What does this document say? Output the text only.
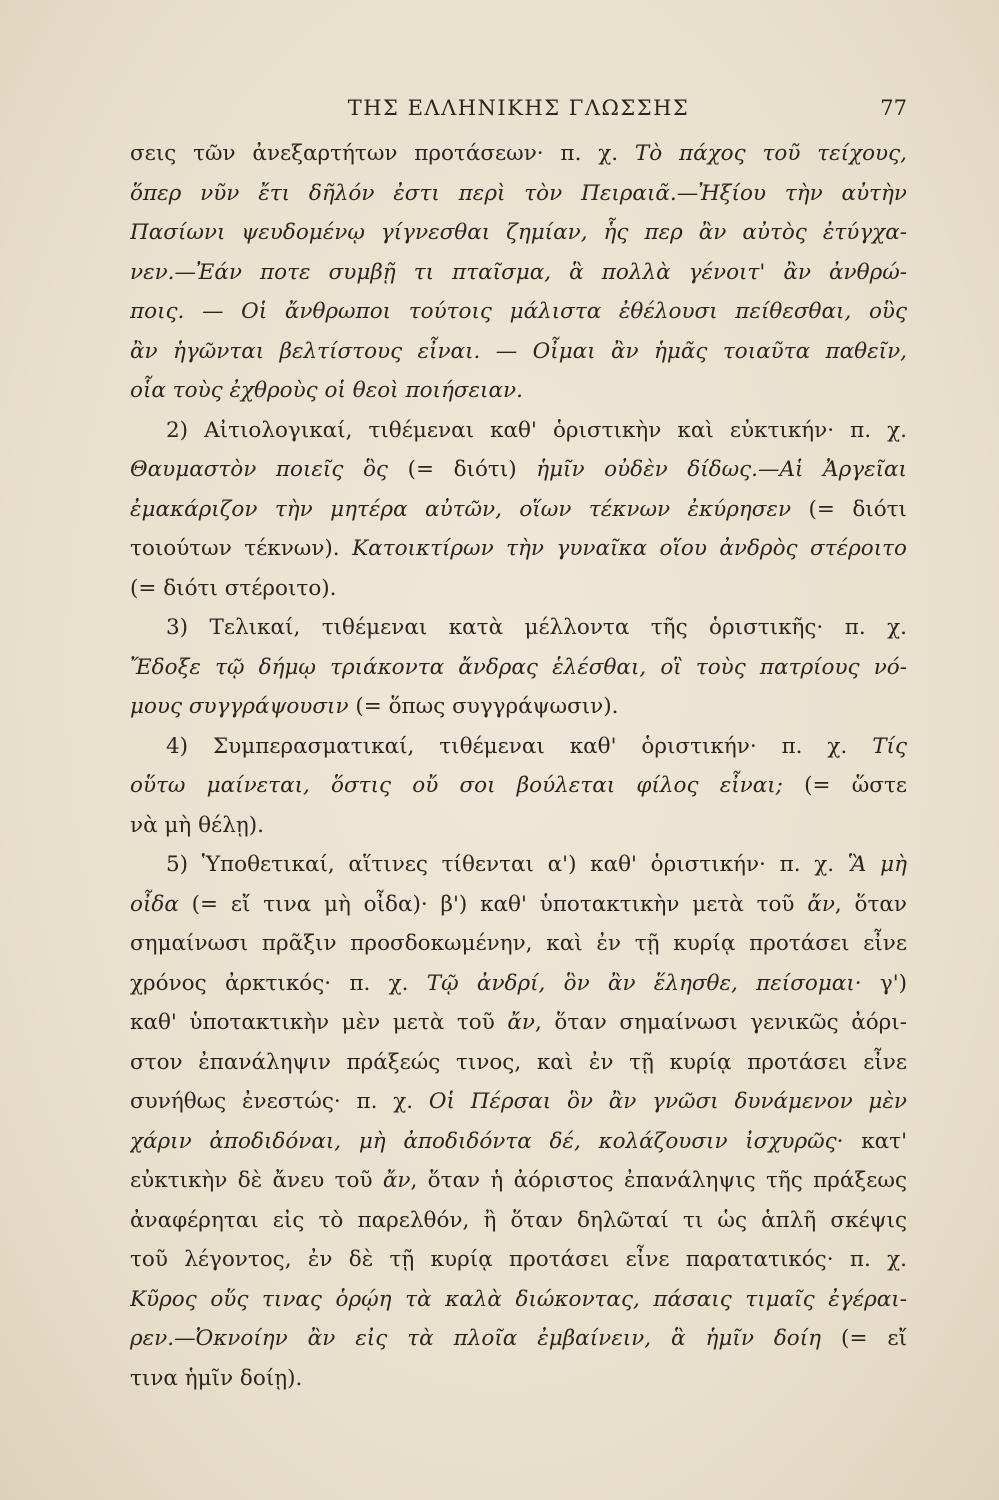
ΤΗΣ ΕΛΛΗΝΙΚΗΣ ΓΛΩΣΣΗΣ	77
σεις τῶν ἀνεξαρτήτων προτάσεων· π. χ. Τὸ πάχος τοῦ τείχους,
ὅπερ νῦν ἔτι δῆλόν ἐστι περὶ τὸν Πειραιᾶ.—Ἠξίου τὴν αὐτὴν
Πασίωνι ψευδομένῳ γίγνεσθαι ζημίαν, ἧς περ ἂν αὐτὸς ἐτύγχα-
νεν.—Ἐάν ποτε συμβῇ τι πταῖσμα, ἃ πολλὰ γένοιτ' ἂν ἀνθρώ-
ποις. — Οἱ ἄνθρωποι τούτοις μάλιστα ἐθέλουσι πείθεσθαι, οὓς
ἂν ἡγῶνται βελτίστους εἶναι. — Οἶμαι ἂν ἡμᾶς τοιαῦτα παθεῖν,
οἷα τοὺς ἐχθροὺς οἱ θεοὶ ποιήσειαν.
2) Αἰτιολογικαί, τιθέμεναι καθ' ὁριστικὴν καὶ εὐκτικήν· π. χ.
Θαυμαστὸν ποιεῖς ὃς (= διότι) ἡμῖν οὐδὲν δίδως.—Αἱ Ἀργεῖαι
ἐμακάριζον τὴν μητέρα αὐτῶν, οἵων τέκνων ἐκύρησεν (= διότι
τοιούτων τέκνων). Κατοικτίρων τὴν γυναῖκα οἵου ἀνδρὸς στέροιτο
(= διότι στέροιτο).
3) Τελικαί, τιθέμεναι κατὰ μέλλοντα τῆς ὁριστικῆς· π. χ.
Ἔδοξε τῷ δήμῳ τριάκοντα ἄνδρας ἑλέσθαι, οἳ τοὺς πατρίους νό-
μους συγγράψουσιν (= ὅπως συγγράψωσιν).
4) Συμπερασματικαί, τιθέμεναι καθ' ὁριστικήν· π. χ. Τίς
οὕτω μαίνεται, ὅστις οὔ σοι βούλεται φίλος εἶναι; (= ὥστε
νὰ μὴ θέλῃ).
5) Ὑποθετικαί, αἵτινες τίθενται α') καθ' ὁριστικήν· π. χ. Ἃ μὴ
οἶδα (= εἴ τινα μὴ οἶδα)· β') καθ' ὑποτακτικὴν μετὰ τοῦ ἄν, ὅταν
σημαίνωσι πρᾶξιν προσδοκωμένην, καὶ ἐν τῇ κυρίᾳ προτάσει εἶνε
χρόνος ἀρκτικός· π. χ. Τῷ ἀνδρί, ὃν ἂν ἕλησθε, πείσομαι· γ')
καθ' ὑποτακτικὴν μὲν μετὰ τοῦ ἄν, ὅταν σημαίνωσι γενικῶς ἀόρι-
στον ἐπανάληψιν πράξεώς τινος, καὶ ἐν τῇ κυρίᾳ προτάσει εἶνε
συνήθως ἐνεστώς· π. χ. Οἱ Πέρσαι ὃν ἂν γνῶσι δυνάμενον μὲν
χάριν ἀποδιδόναι, μὴ ἀποδιδόντα δέ, κολάζουσιν ἰσχυρῶς· κατ'
εὐκτικὴν δὲ ἄνευ τοῦ ἄν, ὅταν ἡ ἀόριστος ἐπανάληψις τῆς πράξεως
ἀναφέρηται εἰς τὸ παρελθόν, ἢ ὅταν δηλῶταί τι ὡς ἁπλῆ σκέψις
τοῦ λέγοντος, ἐν δὲ τῇ κυρίᾳ προτάσει εἶνε παρατατικός· π. χ.
Κῦρος οὕς τινας ὁρῴη τὰ καλὰ διώκοντας, πάσαις τιμαῖς ἐγέραι-
ρεν.—Ὀκνοίην ἂν εἰς τὰ πλοῖα ἐμβαίνειν, ἃ ἡμῖν δοίη (= εἴ
τινα ἡμῖν δοίῃ).
